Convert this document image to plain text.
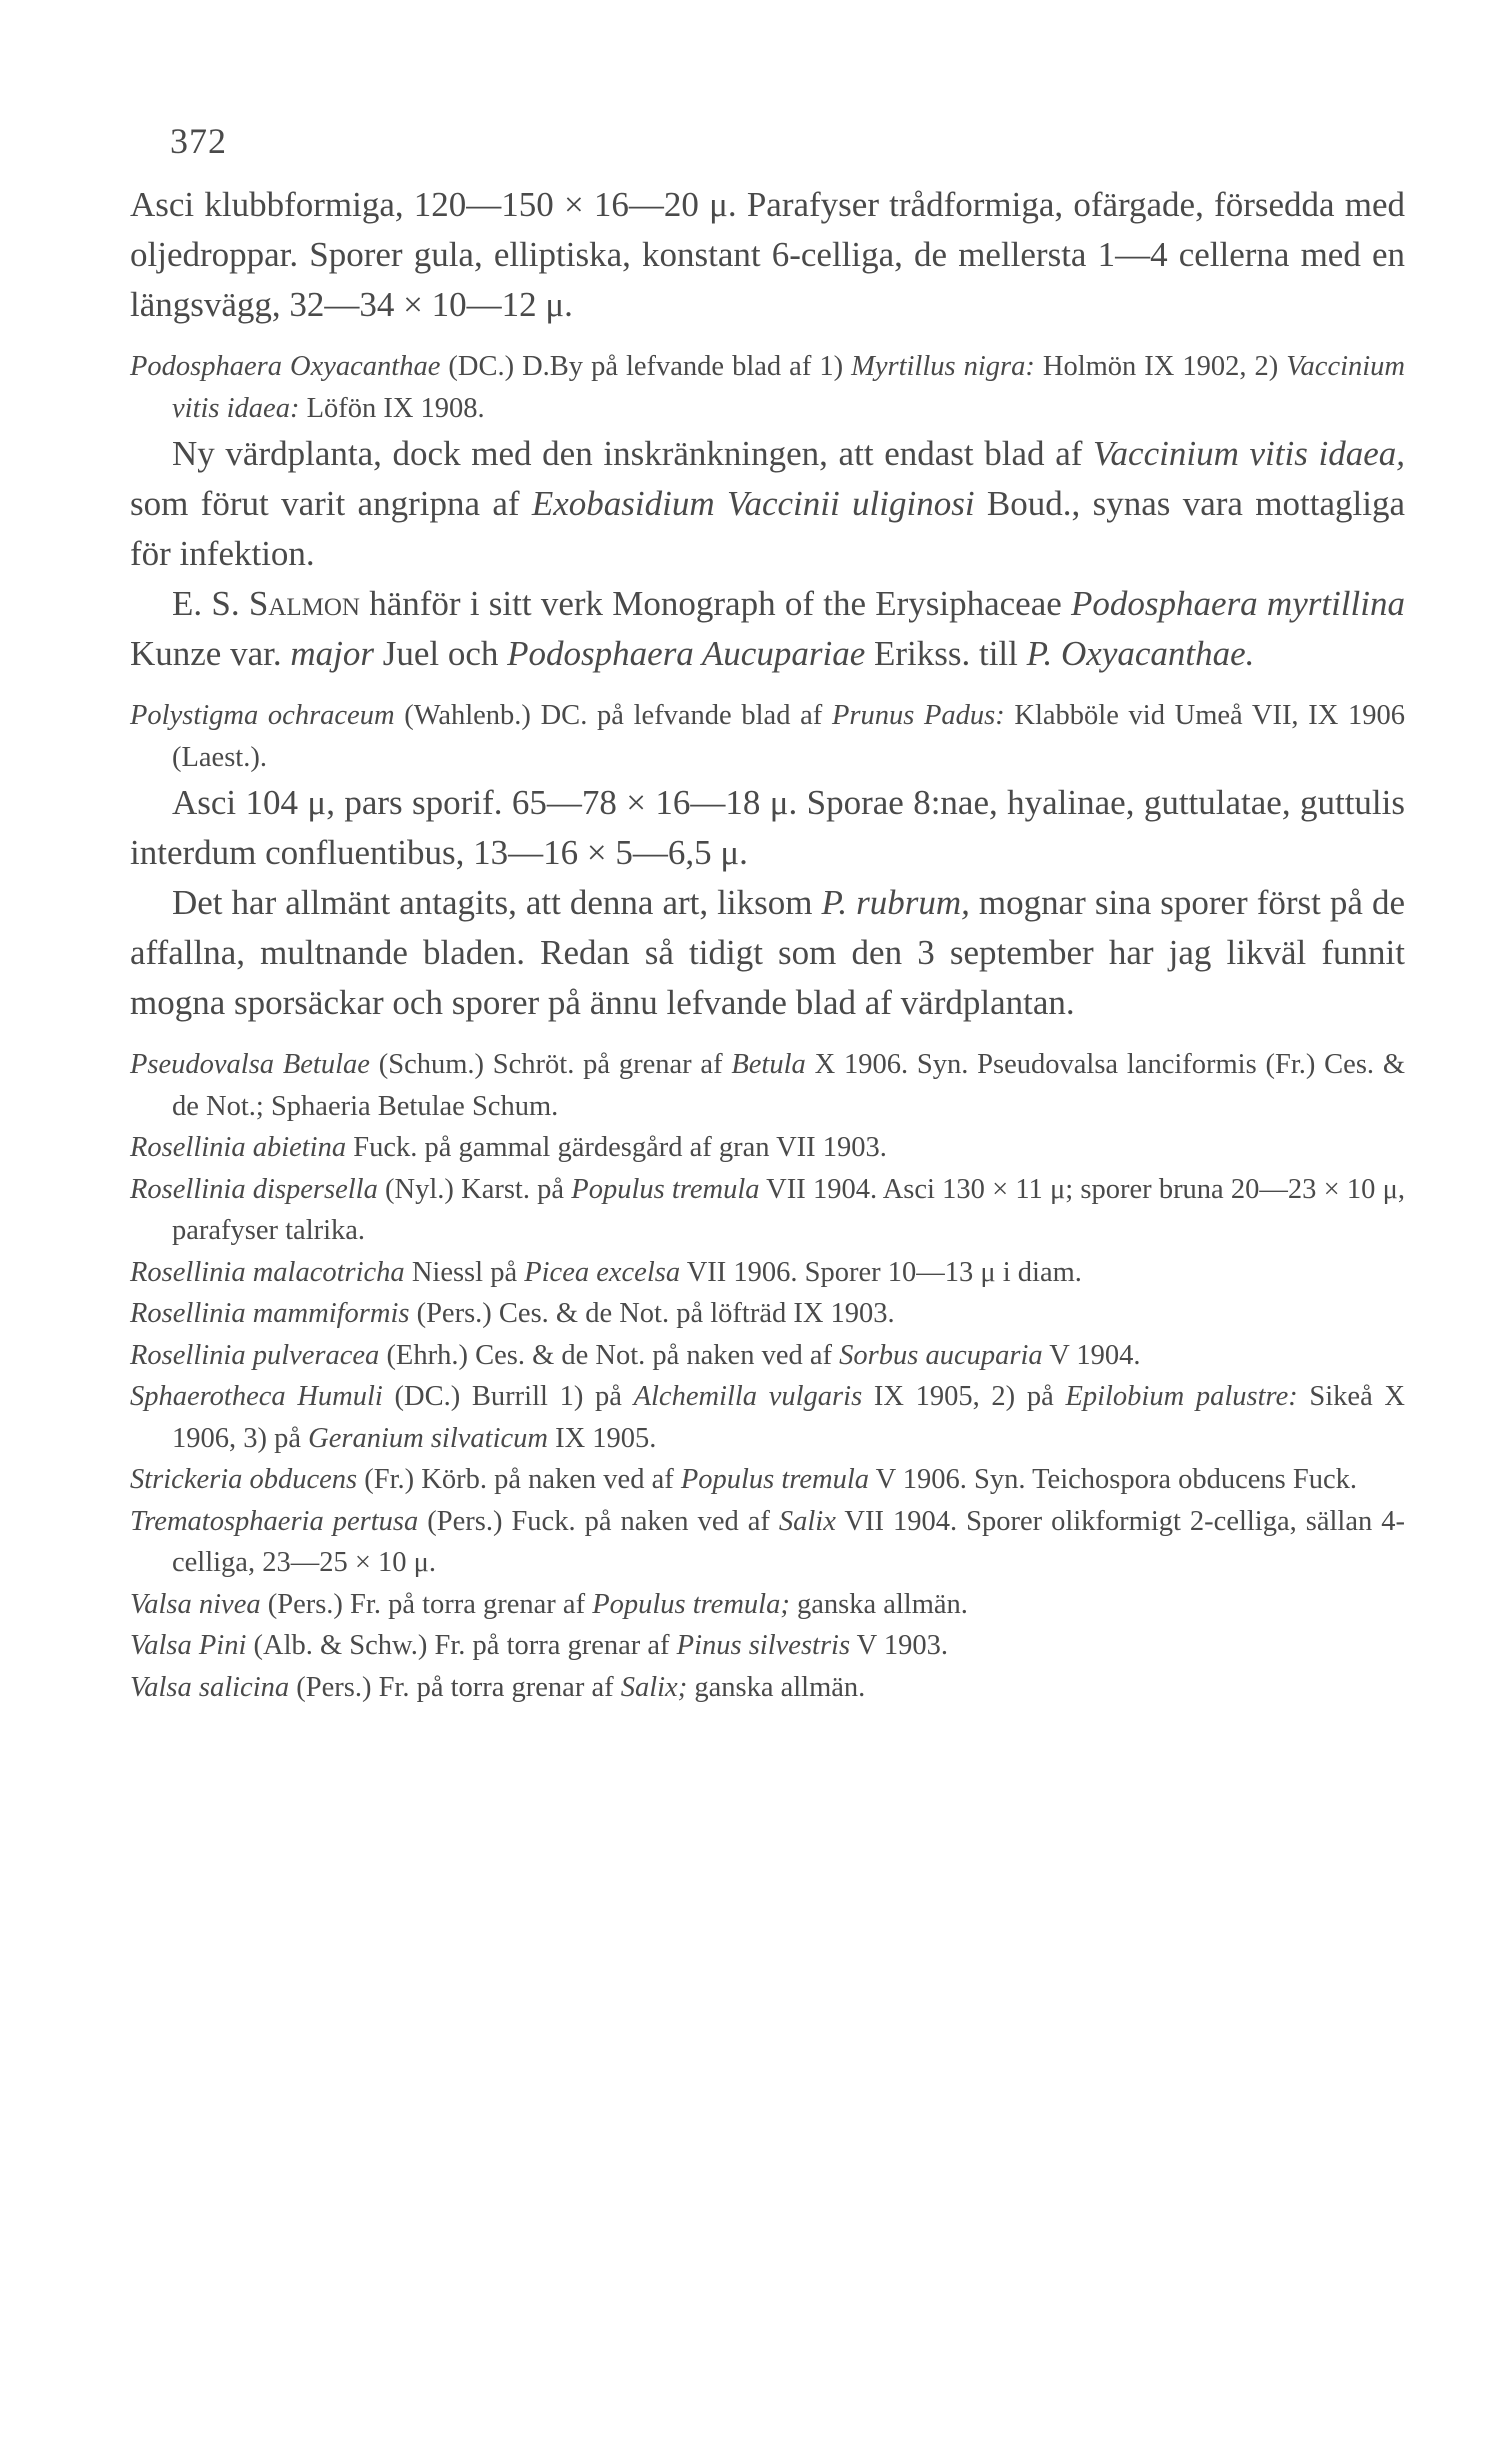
372

Asci klubbformiga, 120—150 × 16—20 μ. Parafyser trådformiga, ofärgade, försedda med oljedroppar. Sporer gula, elliptiska, konstant 6-celliga, de mellersta 1—4 cellerna med en längsvägg, 32—34 × 10—12 μ.

Podosphaera Oxyacanthae (DC.) D.By på lefvande blad af 1) Myrtillus nigra: Holmön IX 1902, 2) Vaccinium vitis idaea: Löfön IX 1908.

Ny värdplanta, dock med den inskränkningen, att endast blad af Vaccinium vitis idaea, som förut varit angripna af Exobasidium Vaccinii uliginosi Boud., synas vara mottagliga för infektion.

E. S. Salmon hänför i sitt verk Monograph of the Erysiphaceae Podosphaera myrtillina Kunze var. major Juel och Podosphaera Aucupariae Erikss. till P. Oxyacanthae.

Polystigma ochraceum (Wahlenb.) DC. på lefvande blad af Prunus Padus: Klabböle vid Umeå VII, IX 1906 (Laest.).

Asci 104 μ, pars sporif. 65—78 × 16—18 μ. Sporae 8:nae, hyalinae, guttulatae, guttulis interdum confluentibus, 13—16 × 5—6,5 μ.

Det har allmänt antagits, att denna art, liksom P. rubrum, mognar sina sporer först på de affallna, multnande bladen. Redan så tidigt som den 3 september har jag likväl funnit mogna sporsäckar och sporer på ännu lefvande blad af värdplantan.

Pseudovalsa Betulae (Schum.) Schröt. på grenar af Betula X 1906. Syn. Pseudovalsa lanciformis (Fr.) Ces. & de Not.; Sphaeria Betulae Schum.

Rosellinia abietina Fuck. på gammal gärdesgård af gran VII 1903.

Rosellinia dispersella (Nyl.) Karst. på Populus tremula VII 1904. Asci 130 × 11 μ; sporer bruna 20—23 × 10 μ, parafyser talrika.

Rosellinia malacotricha Niessl på Picea excelsa VII 1906. Sporer 10—13 μ i diam.

Rosellinia mammiformis (Pers.) Ces. & de Not. på löfträd IX 1903.

Rosellinia pulveracea (Ehrh.) Ces. & de Not. på naken ved af Sorbus aucuparia V 1904.

Sphaerotheca Humuli (DC.) Burrill 1) på Alchemilla vulgaris IX 1905, 2) på Epilobium palustre: Sikeå X 1906, 3) på Geranium silvaticum IX 1905.

Strickeria obducens (Fr.) Körb. på naken ved af Populus tremula V 1906. Syn. Teichospora obducens Fuck.

Trematosphaeria pertusa (Pers.) Fuck. på naken ved af Salix VII 1904. Sporer olikformigt 2-celliga, sällan 4-celliga, 23—25 × 10 μ.

Valsa nivea (Pers.) Fr. på torra grenar af Populus tremula; ganska allmän.

Valsa Pini (Alb. & Schw.) Fr. på torra grenar af Pinus silvestris V 1903.

Valsa salicina (Pers.) Fr. på torra grenar af Salix; ganska allmän.
